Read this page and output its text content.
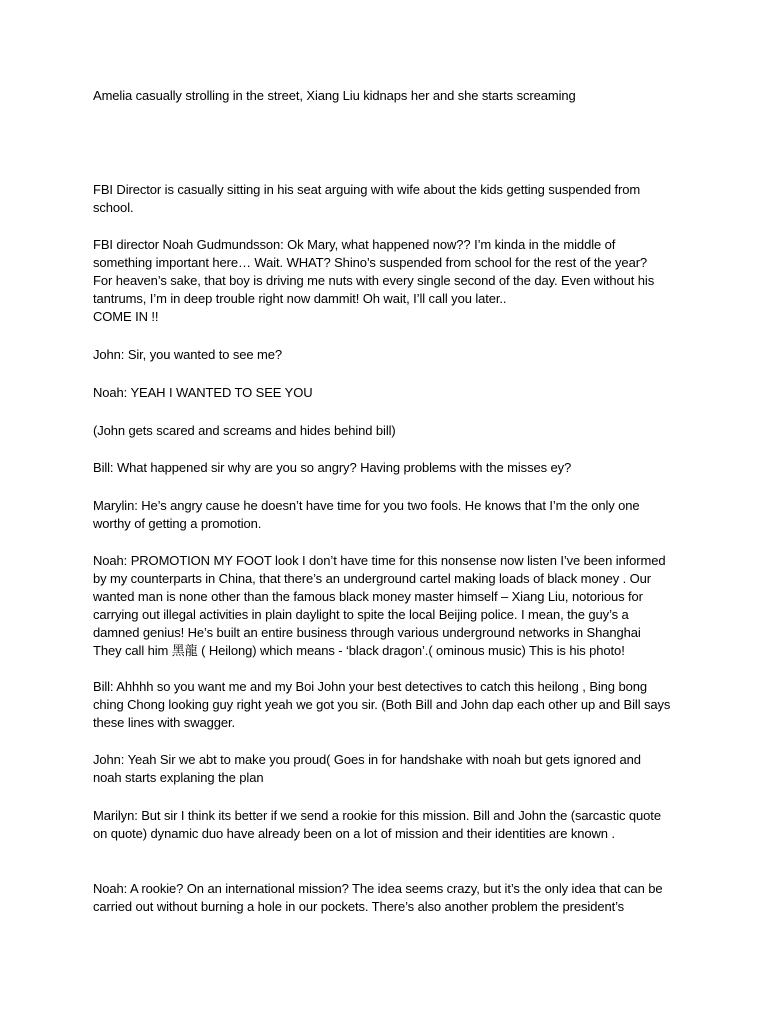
Amelia casually strolling in the street, Xiang Liu kidnaps her and she starts screaming
FBI Director is casually sitting in his seat arguing with wife about the kids getting suspended from
school.
FBI director Noah Gudmundsson: Ok Mary, what happened now?? I’m kinda in the middle of
something important here… Wait. WHAT? Shino’s suspended from school for the rest of the year?
For heaven’s sake, that boy is driving me nuts with every single second of the day. Even without his
tantrums, I’m in deep trouble right now dammit! Oh wait, I’ll call you later..
COME IN !!
John: Sir, you wanted to see me?
Noah: YEAH I WANTED TO SEE YOU
(John gets scared and screams and hides behind bill)
Bill: What happened sir why are you so angry? Having problems with the misses ey?
Marylin: He’s angry cause he doesn’t have time for you two fools. He knows that I’m the only one
worthy of getting a promotion.
Noah: PROMOTION MY FOOT look I don’t have time for this nonsense now listen I’ve been informed
by my counterparts in China, that there’s an underground cartel making loads of black money . Our
wanted man is none other than the famous black money master himself – Xiang Liu, notorious for
carrying out illegal activities in plain daylight to spite the local Beijing police. I mean, the guy’s a
damned genius! He’s built an entire business through various underground networks in Shanghai
They call him 黑龍 ( Heilong) which means - ‘black dragon’.( ominous music) This is his photo!
Bill: Ahhhh so you want me and my Boi John your best detectives to catch this heilong , Bing bong
ching Chong looking guy right yeah we got you sir. (Both Bill and John dap each other up and Bill says
these lines with swagger.
John: Yeah Sir we abt to make you proud( Goes in for handshake with noah but gets ignored and
noah starts explaning the plan
Marilyn: But sir I think its better if we send a rookie for this mission. Bill and John the (sarcastic quote
on quote) dynamic duo have already been on a lot of mission and their identities are known .
Noah: A rookie? On an international mission? The idea seems crazy, but it’s the only idea that can be
carried out without burning a hole in our pockets. There’s also another problem the president’s
